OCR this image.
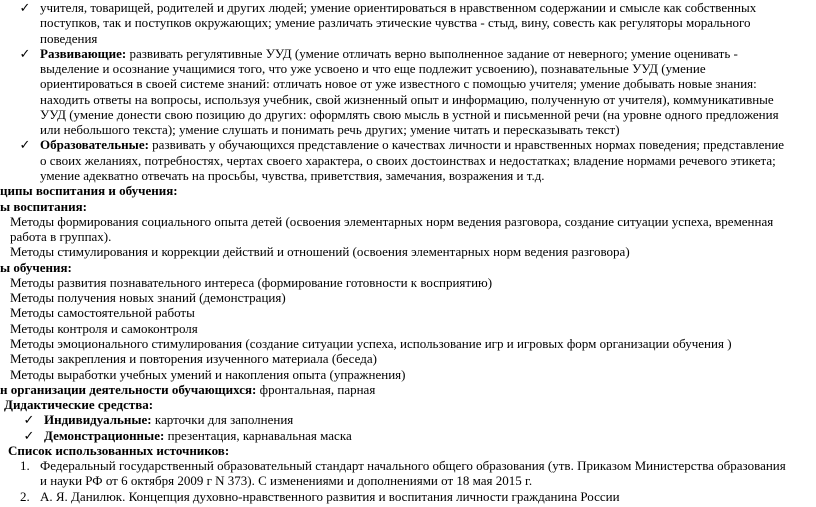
✓ учителя, товарищей, родителей и других людей; умение ориентироваться в нравственном содержании и смысле как собственных
поступков, так и поступков окружающих; умение различать этические чувства - стыд, вину, совесть как регуляторы морального
поведения
✓ Развивающие: развивать регулятивные УУД (умение отличать верно выполненное задание от неверного; умение оценивать -
выделение и осознание учащимися того, что уже усвоено и что еще подлежит усвоению), познавательные УУД (умение
ориентироваться в своей системе знаний: отличать новое от уже известного с помощью учителя; умение добывать новые знания:
находить ответы на вопросы, используя учебник, свой жизненный опыт и информацию, полученную от учителя), коммуникативные
УУД (умение донести свою позицию до других: оформлять свою мысль в устной и письменной речи (на уровне одного предложения
или небольшого текста); умение слушать и понимать речь других; умение читать и пересказывать текст)
✓ Образовательные: развивать у обучающихся представление о качествах личности и нравственных нормах поведения; представление
о своих желаниях, потребностях, чертах своего характера, о своих достоинствах и недостатках; владение нормами речевого этикета;
умение адекватно отвечать на просьбы, чувства, приветствия, замечания, возражения и т.д.
ципы воспитания и обучения:
ы воспитания:
Методы формирования социального опыта детей (освоения элементарных норм ведения разговора, создание ситуации успеха, временная
работа в группах).
Методы стимулирования и коррекции действий и отношений (освоения элементарных норм ведения разговора)
ы обучения:
Методы развития познавательного интереса (формирование готовности к восприятию)
Методы получения новых знаний (демонстрация)
Методы самостоятельной работы
Методы контроля и самоконтроля
Методы эмоционального стимулирования (создание ситуации успеха, использование игр и игровых форм организации обучения )
Методы закрепления и повторения изученного материала (беседа)
Методы выработки учебных умений и накопления опыта (упражнения)
н организации деятельности обучающихся: фронтальная, парная
Дидактические средства:
✓ Индивидуальные: карточки для заполнения
✓ Демонстрационные: презентация, карнавальная маска
Список использованных источников:
1. Федеральный государственный образовательный стандарт начального общего образования (утв. Приказом Министерства образования
и науки РФ от 6 октября 2009 г N 373). С изменениями и дополнениями от 18 мая 2015 г.
2. А. Я. Данилюк. Концепция духовно-нравственного развития и воспитания личности гражданина России
